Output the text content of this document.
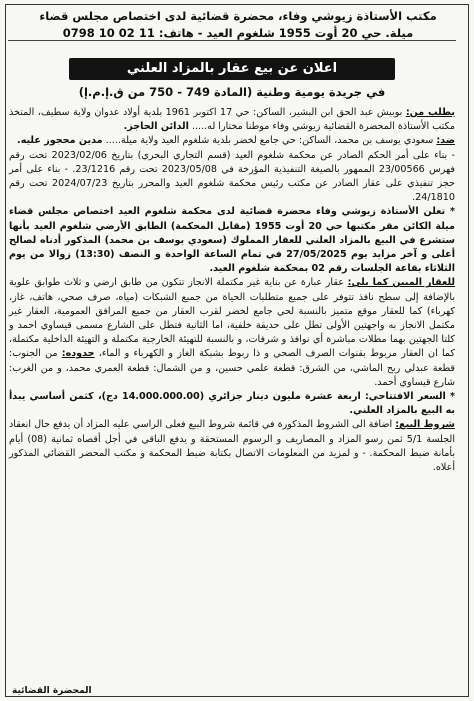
مكتب الأستاذة زيوشي وفاء، محضرة قضائية لدى اختصاص مجلس قضاء
ميلة. حي 20 أوت 1955 شلغوم العيد - هاتف: 11 02 10 0798
اعلان عن بيع عقار بالمزاد العلني
في جريدة يومية وطنية (المادة 749 - 750 من ق.إ.م.إ)

بطلب من: بوبيش عبد الحق ابن البشير، الساكن: حي 17 اكتوبر 1961 بلدية أولاد عدوان ولاية سطيف، المتخذ مكتب الأستاذة المحضرة القضائية زيوشي وفاء موطنا مختارا له..... الدائن الحاجز.

ضد: سعودي يوسف بن محمد، الساكن: حي جامع لخضر بلدية شلغوم العيد ولاية ميلة..... مدين محجوز عليه.

- بناء على أمر الحكم الصادر عن محكمة شلغوم العيد (قسم التجاري البحري) بتاريخ 2023/02/06 تحت رقم فهرس 23/00566 الممهور بالصيغة التنفيذية المؤرخة في 2023/05/08 تحت رقم 23/1216. - بناء على أمر حجز تنفيذي على عقار الصادر عن مكتب رئيس محكمة شلغوم العيد والمحرر بتاريخ 2024/07/23 تحت رقم 24/1810.

* تعلن الأستاذة زيوشي وفاء محضرة قضائية لدى محكمة شلغوم العيد اختصاص مجلس قضاء ميلة الكائن مقر مكتبها حي 20 أوت 1955 (مقابل المحكمة) الطابق الأرضي شلغوم العيد بأنها ستشرع في البيع بالمزاد العلني للعقار المملوك (سعودي يوسف بن محمد) المذكور أدناه لصالح أعلى و آخر مزايد يوم 27/05/2025 في تمام الساعة الواحدة و النصف (13:30) زوالا من يوم الثلاثاء بقاعة الجلسات رقم 02 بمحكمة شلغوم العيد.

للعقار المبين كما يلي: عقار عبارة عن بناية غير مكتملة الانجاز تتكون من طابق ارضي و ثلاث طوابق علوية بالإضافة إلى سطح نافذ تتوفر على جميع متطلبات الحياة من جميع الشبكات (مياه، صرف صحي، هاتف، غاز، كهرباء) كما للعقار موقع متميز بالنسبة لحي جامع لخضر لقرب العقار من جميع المرافق العمومية، العقار غير مكتمل الانجاز به واجهتين الأولى تطل على حديقة خلفية، اما الثانية فتطل على الشارع مسمى قيساوي احمد و كلتا الجهتين بهما مطلات مباشرة أي نوافذ و شرفات، و بالنسبة للتهيئة الخارجية مكتملة و التهيئة الداخلية مكتملة، كما ان العقار مربوط بقنوات الصرف الصحي و ذا ربوط بشبكة الغاز و الكهرباء و الماء، حدوده: من الجنوب: قطعة عبدلي ربح الماشي، من الشرق: قطعة علمي حسين، و من الشمال: قطعة العمري محمد، و من الغرب: شارع قيساوي أحمد.

* السعر الافتتاحي: اربعة عشرة مليون دينار جزائري (14.000.000.00 دج)، كثمن أساسي يبدأ به البيع بالمزاد العلني.

شروط البيع: اضافة الى الشروط المذكورة في قائمة شروط البيع فعلى الراسي عليه المزاد أن يدفع حال انعقاد الجلسة 5/1 ثمن رسو المزاد و المصاريف و الرسوم المستحقة و يدفع الباقي في أجل أقصاه ثمانية (08) أيام بأمانة ضبط المحكمة. - و لمزيد من المعلومات الاتصال بكتابة ضبط المحكمة و مكتب المحضر القضائي المذكور أعلاه.

المحضرة القضائية
